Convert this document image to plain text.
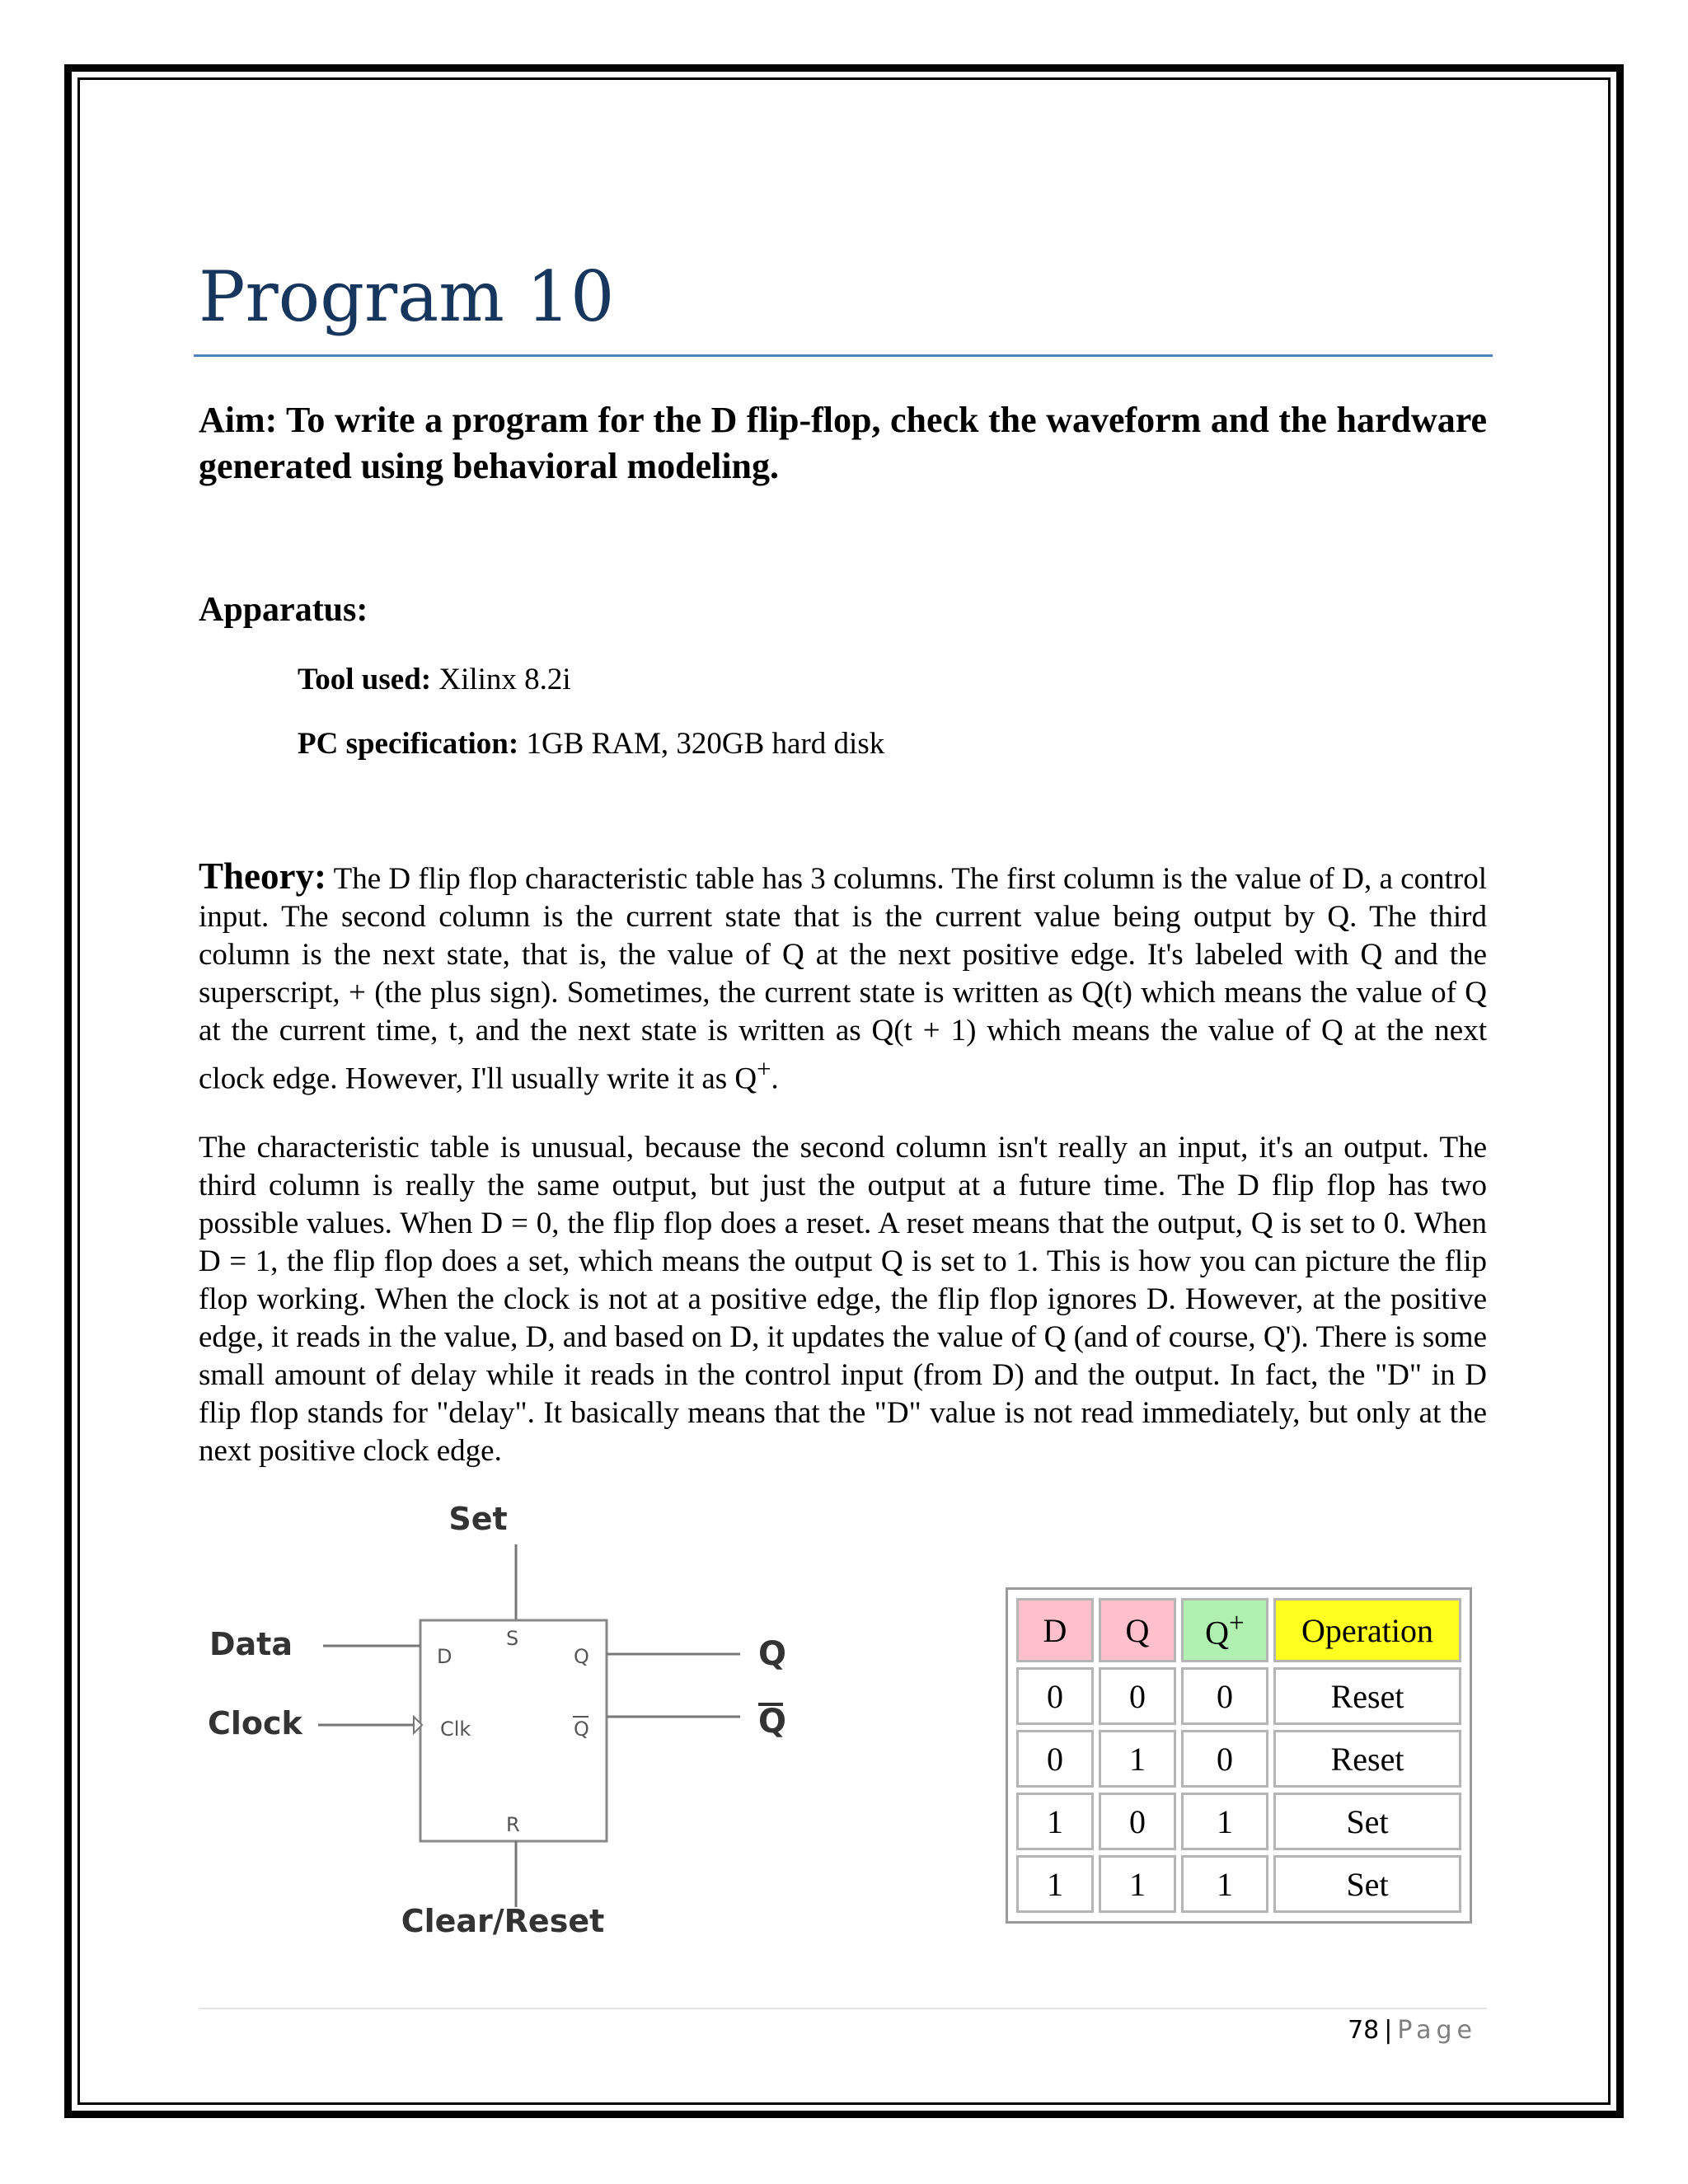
Program 10
Aim: To write a program for the D flip-flop, check the waveform and the hardware generated using behavioral modeling.
Apparatus:
Tool used: Xilinx 8.2i
PC specification: 1GB RAM, 320GB hard disk
Theory: The D flip flop characteristic table has 3 columns. The first column is the value of D, a control input. The second column is the current state that is the current value being output by Q. The third column is the next state, that is, the value of Q at the next positive edge. It's labeled with Q and the superscript, + (the plus sign). Sometimes, the current state is written as Q(t) which means the value of Q at the current time, t, and the next state is written as Q(t + 1) which means the value of Q at the next clock edge. However, I'll usually write it as Q+.
The characteristic table is unusual, because the second column isn't really an input, it's an output. The third column is really the same output, but just the output at a future time. The D flip flop has two possible values. When D = 0, the flip flop does a reset. A reset means that the output, Q is set to 0. When D = 1, the flip flop does a set, which means the output Q is set to 1. This is how you can picture the flip flop working. When the clock is not at a positive edge, the flip flop ignores D. However, at the positive edge, it reads in the value, D, and based on D, it updates the value of Q (and of course, Q'). There is some small amount of delay while it reads in the control input (from D) and the output. In fact, the "D" in D flip flop stands for "delay". It basically means that the "D" value is not read immediately, but only at the next positive clock edge.
Set
S
D	Q
Clk	Q
R
Data
Clock
Q
Q
Clear/Reset
D	Q	Q+	Operation
0	0	0	Reset
0	1	0	Reset
1	0	1	Set
1	1	1	Set
78 | Page
